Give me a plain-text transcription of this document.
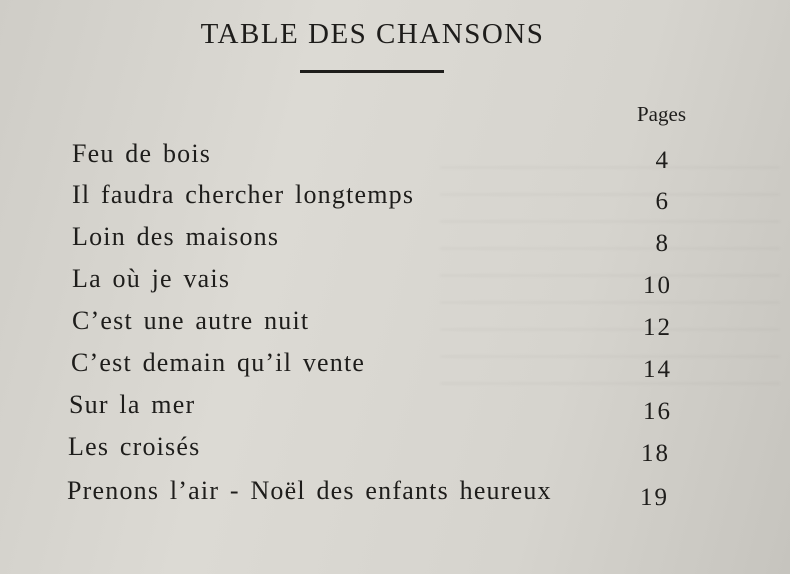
TABLE DES CHANSONS
Pages
Feu de bois	4
Il faudra chercher longtemps	6
Loin des maisons	8
La où je vais	10
C’est une autre nuit	12
C’est demain qu’il vente	14
Sur la mer	16
Les croisés	18
Prenons l’air - Noël des enfants heureux	19
